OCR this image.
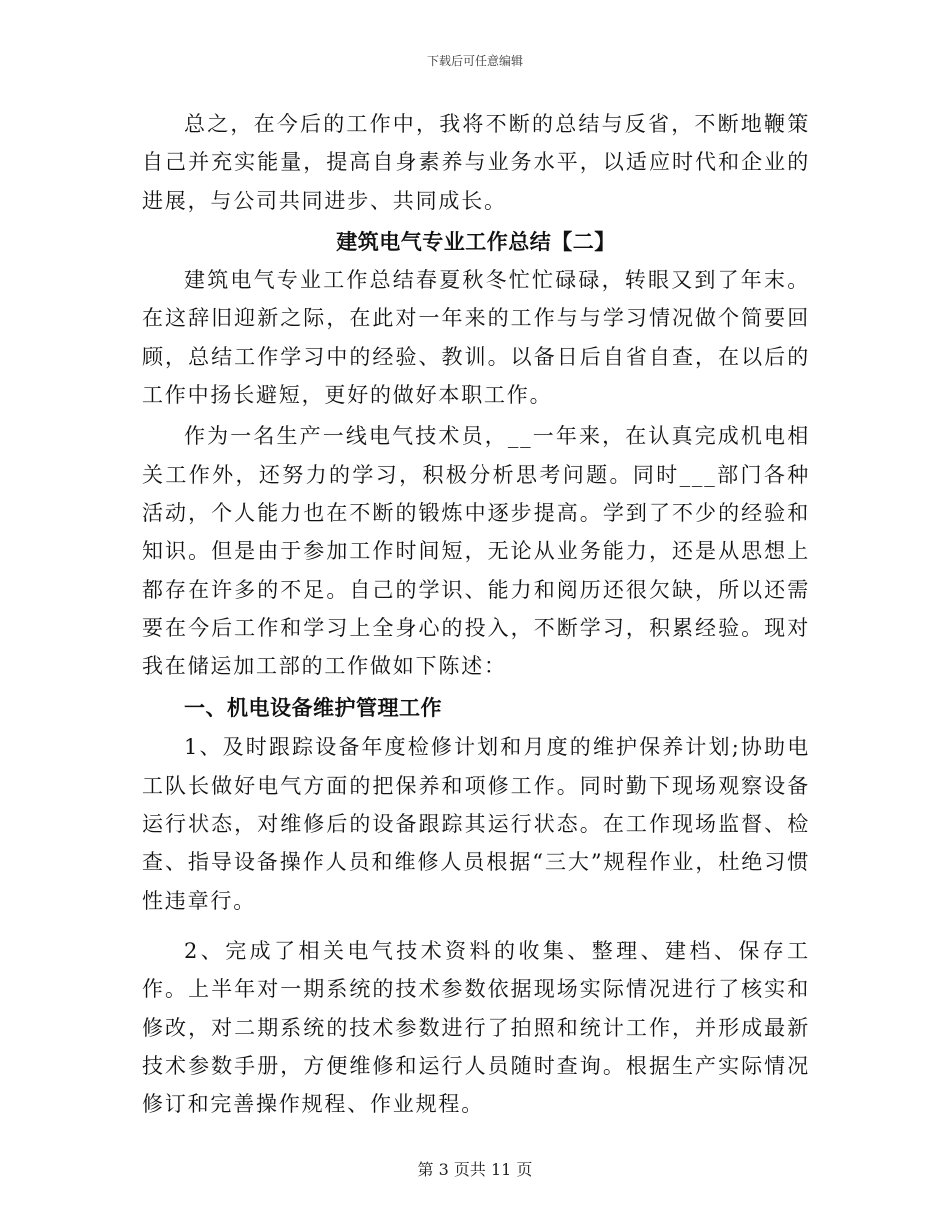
下载后可任意编辑

总之，在今后的工作中，我将不断的总结与反省，不断地鞭策自己并充实能量，提高自身素养与业务水平，以适应时代和企业的进展，与公司共同进步、共同成长。

建筑电气专业工作总结【二】

建筑电气专业工作总结春夏秋冬忙忙碌碌，转眼又到了年末。在这辞旧迎新之际，在此对一年来的工作与与学习情况做个简要回顾，总结工作学习中的经验、教训。以备日后自省自查，在以后的工作中扬长避短，更好的做好本职工作。

作为一名生产一线电气技术员，__一年来，在认真完成机电相关工作外，还努力的学习，积极分析思考问题。同时___部门各种活动，个人能力也在不断的锻炼中逐步提高。学到了不少的经验和知识。但是由于参加工作时间短，无论从业务能力，还是从思想上都存在许多的不足。自己的学识、能力和阅历还很欠缺，所以还需要在今后工作和学习上全身心的投入，不断学习，积累经验。现对我在储运加工部的工作做如下陈述：

一、机电设备维护管理工作

1、及时跟踪设备年度检修计划和月度的维护保养计划;协助电工队长做好电气方面的把保养和项修工作。同时勤下现场观察设备运行状态，对维修后的设备跟踪其运行状态。在工作现场监督、检查、指导设备操作人员和维修人员根据“三大”规程作业，杜绝习惯性违章行。

2、完成了相关电气技术资料的收集、整理、建档、保存工作。上半年对一期系统的技术参数依据现场实际情况进行了核实和修改，对二期系统的技术参数进行了拍照和统计工作，并形成最新技术参数手册，方便维修和运行人员随时查询。根据生产实际情况修订和完善操作规程、作业规程。

第 3 页共 11 页
